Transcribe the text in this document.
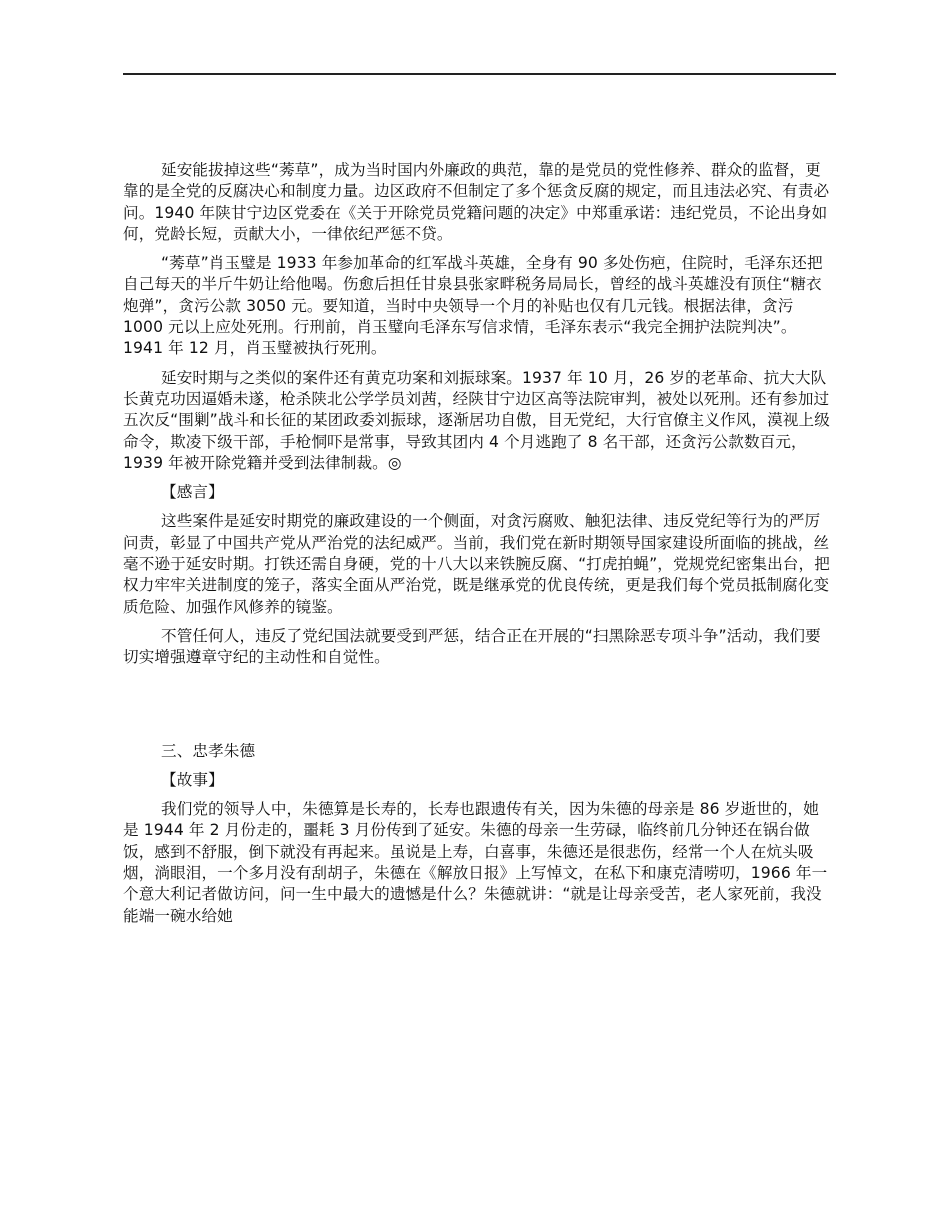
延安能拔掉这些“莠草”，成为当时国内外廉政的典范，靠的是党员的党性修养、群众的监督，更靠的是全党的反腐决心和制度力量。边区政府不但制定了多个惩贪反腐的规定，而且违法必究、有责必问。1940 年陕甘宁边区党委在《关于开除党员党籍问题的决定》中郑重承诺：违纪党员，不论出身如何，党龄长短，贡献大小，一律依纪严惩不贷。

“莠草”肖玉璧是 1933 年参加革命的红军战斗英雄，全身有 90 多处伤疤，住院时，毛泽东还把自己每天的半斤牛奶让给他喝。伤愈后担任甘泉县张家畔税务局局长，曾经的战斗英雄没有顶住“糖衣炮弹”，贪污公款 3050 元。要知道，当时中央领导一个月的补贴也仅有几元钱。根据法律，贪污 1000 元以上应处死刑。行刑前，肖玉璧向毛泽东写信求情，毛泽东表示“我完全拥护法院判决”。1941 年 12 月，肖玉璧被执行死刑。

延安时期与之类似的案件还有黄克功案和刘振球案。1937 年 10 月，26 岁的老革命、抗大大队长黄克功因逼婚未遂，枪杀陕北公学学员刘茜，经陕甘宁边区高等法院审判，被处以死刑。还有参加过五次反“围剿”战斗和长征的某团政委刘振球，逐渐居功自傲，目无党纪，大行官僚主义作风，漠视上级命令，欺凌下级干部，手枪恫吓是常事，导致其团内 4 个月逃跑了 8 名干部，还贪污公款数百元，1939 年被开除党籍并受到法律制裁。◎

【感言】

这些案件是延安时期党的廉政建设的一个侧面，对贪污腐败、触犯法律、违反党纪等行为的严厉问责，彰显了中国共产党从严治党的法纪威严。当前，我们党在新时期领导国家建设所面临的挑战，丝毫不逊于延安时期。打铁还需自身硬，党的十八大以来铁腕反腐、“打虎拍蝇”，党规党纪密集出台，把权力牢牢关进制度的笼子，落实全面从严治党，既是继承党的优良传统，更是我们每个党员抵制腐化变质危险、加强作风修养的镜鉴。

不管任何人，违反了党纪国法就要受到严惩，结合正在开展的“扫黑除恶专项斗争”活动，我们要切实增强遵章守纪的主动性和自觉性。

三、忠孝朱德

【故事】

我们党的领导人中，朱德算是长寿的，长寿也跟遗传有关，因为朱德的母亲是 86 岁逝世的，她是 1944 年 2 月份走的，噩耗 3 月份传到了延安。朱德的母亲一生劳碌，临终前几分钟还在锅台做饭，感到不舒服，倒下就没有再起来。虽说是上寿，白喜事，朱德还是很悲伤，经常一个人在炕头吸烟，淌眼泪，一个多月没有刮胡子，朱德在《解放日报》上写悼文，在私下和康克清唠叨，1966 年一个意大利记者做访问，问一生中最大的遗憾是什么？朱德就讲：“就是让母亲受苦，老人家死前，我没能端一碗水给她
